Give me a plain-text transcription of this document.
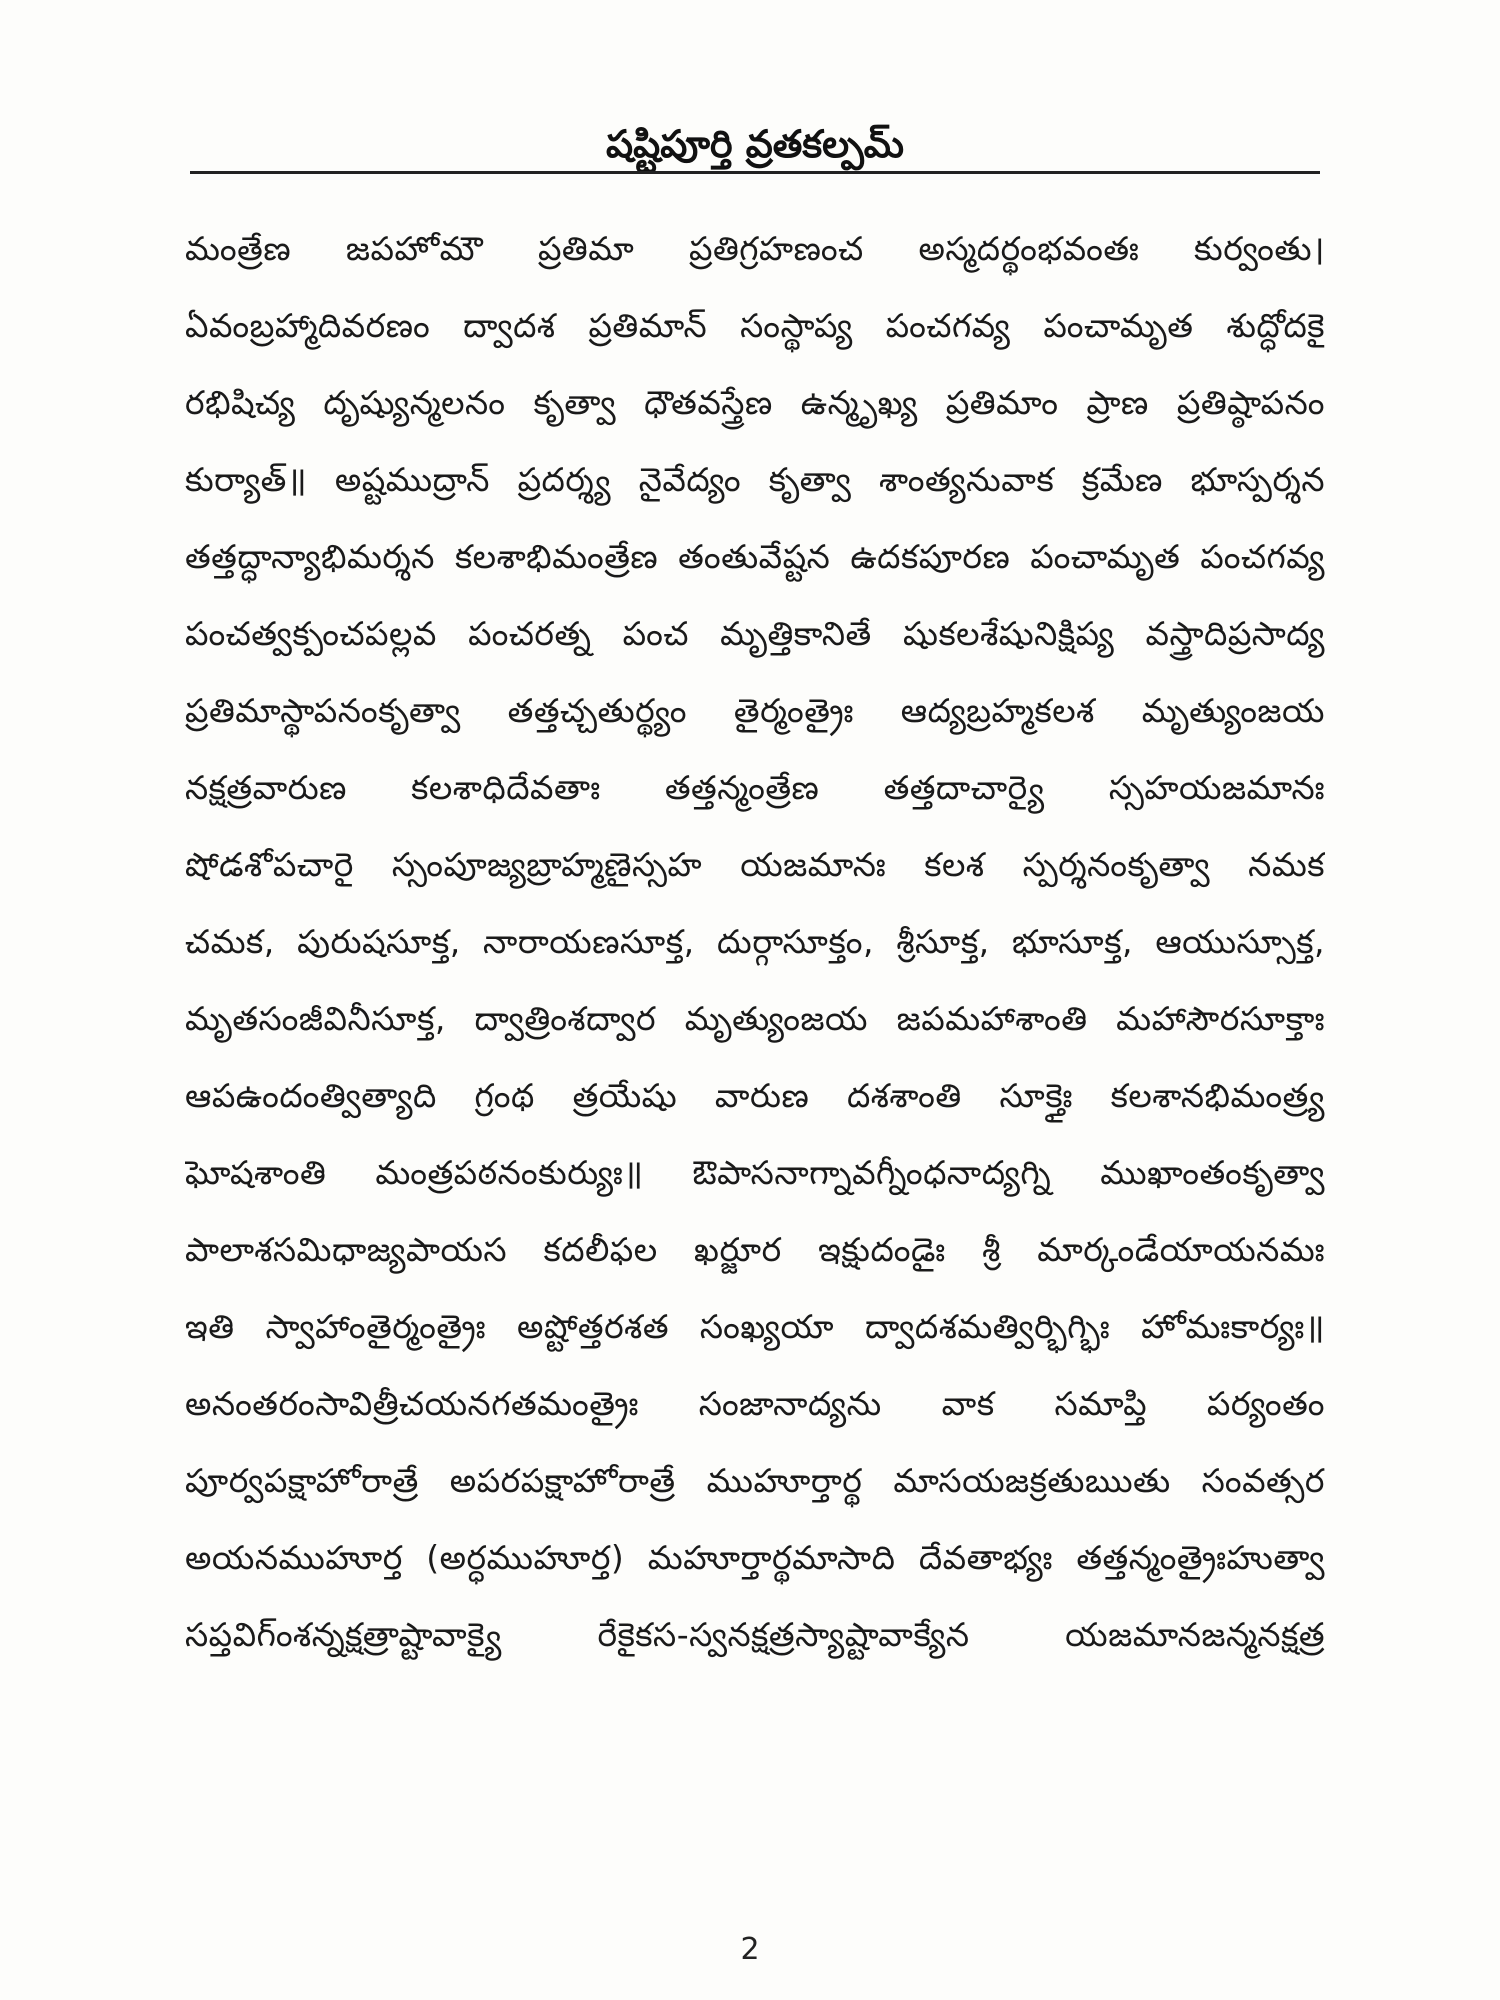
షష్టిపూర్తి వ్రతకల్పమ్
మంత్రేణ జపహోమౌ ప్రతిమా ప్రతిగ్రహణంచ అస్మదర్థంభవంతః కుర్వంతు।
ఏవంబ్రహ్మాదివరణం ద్వాదశ ప్రతిమాన్ సంస్థాప్య పంచగవ్య పంచామృత శుద్ధోదకై
రభిషిచ్య దృష్యున్మలనం కృత్వా ధౌతవస్త్రేణ ఉన్మృఖ్య ప్రతిమాం ప్రాణ ప్రతిష్ఠాపనం
కుర్యాత్॥ అష్టముద్రాన్ ప్రదర్శ్య నైవేద్యం కృత్వా శాంత్యనువాక క్రమేణ భూస్పర్శన
తత్తద్ధాన్యాభిమర్శన కలశాభిమంత్రేణ తంతువేష్టన ఉదకపూరణ పంచామృత పంచగవ్య
పంచత్వక్పంచపల్లవ పంచరత్న పంచ మృత్తికానితే షుకలశేషునిక్షిప్య వస్త్రాదిప్రసాద్య
ప్రతిమాస్థాపనంకృత్వా తత్తచ్చతుర్థ్యం తైర్మంత్రైః ఆద్యబ్రహ్మకలశ మృత్యుంజయ
నక్షత్రవారుణ కలశాధిదేవతాః తత్తన్మంత్రేణ తత్తదాచార్యై స్సహయజమానః
షోడశోపచారై స్సంపూజ్యబ్రాహ్మణైస్సహ యజమానః కలశ స్పర్శనంకృత్వా నమక
చమక, పురుషసూక్త, నారాయణసూక్త, దుర్గాసూక్తం, శ్రీసూక్త, భూసూక్త, ఆయుస్సూక్త,
మృతసంజీవినీసూక్త, ద్వాత్రింశద్వార మృత్యుంజయ జపమహాశాంతి మహాసౌరసూక్తాః
ఆపఉందంత్విత్యాది గ్రంథ త్రయేషు వారుణ దశశాంతి సూక్తైః కలశానభిమంత్ర్య
ఘోషశాంతి మంత్రపఠనంకుర్యుః॥ ఔపాసనాగ్నావగ్నీంధనాద్యగ్ని ముఖాంతంకృత్వా
పాలాశసమిధాజ్యపాయస కదలీఫల ఖర్జూర ఇక్షుదండైః శ్రీ మార్కండేయాయనమః
ఇతి స్వాహాంతైర్మంత్రైః అష్టోత్తరశత సంఖ్యయా ద్వాదశమత్విర్భిగ్భిః హోమఃకార్యః॥
అనంతరంసావిత్రీచయనగతమంత్రైః సంజానాద్యను వాక సమాప్తి పర్యంతం
పూర్వపక్షాహోరాత్రే అపరపక్షాహోరాత్రే ముహూర్తార్థ మాసయజక్రతుఋతు సంవత్సర
అయనముహూర్త (అర్ధముహూర్త) మహూర్తార్థమాసాది దేవతాభ్యః తత్తన్మంత్రైఃహుత్వా
సప్తవిగ్ంశన్నక్షత్రాష్టావాక్యై రేకైకస-స్వనక్షత్రస్యాష్టావాక్యేన యజమానజన్మనక్షత్ర
2
